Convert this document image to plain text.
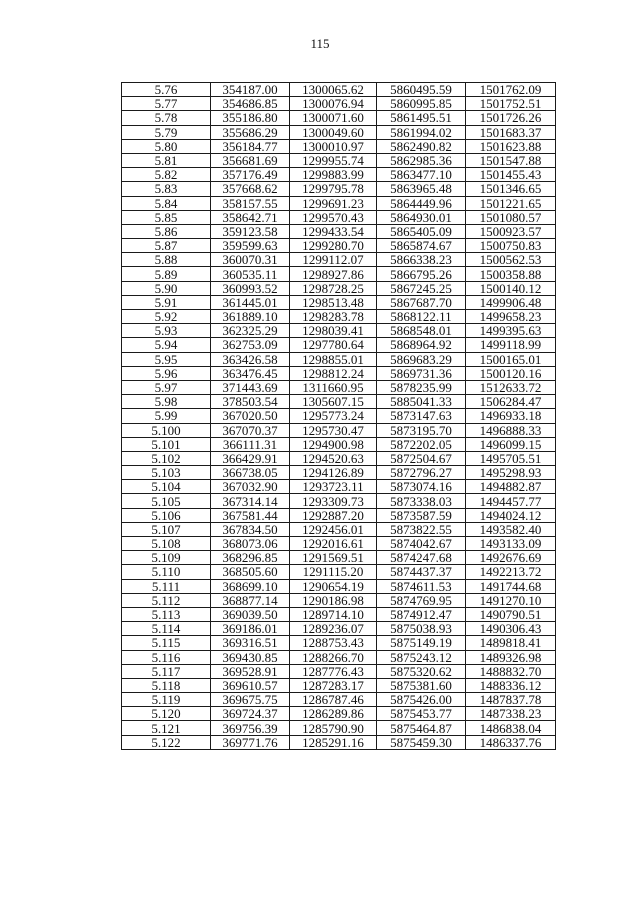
115
5.76	354187.00	1300065.62	5860495.59	1501762.09
5.77	354686.85	1300076.94	5860995.85	1501752.51
5.78	355186.80	1300071.60	5861495.51	1501726.26
5.79	355686.29	1300049.60	5861994.02	1501683.37
5.80	356184.77	1300010.97	5862490.82	1501623.88
5.81	356681.69	1299955.74	5862985.36	1501547.88
5.82	357176.49	1299883.99	5863477.10	1501455.43
5.83	357668.62	1299795.78	5863965.48	1501346.65
5.84	358157.55	1299691.23	5864449.96	1501221.65
5.85	358642.71	1299570.43	5864930.01	1501080.57
5.86	359123.58	1299433.54	5865405.09	1500923.57
5.87	359599.63	1299280.70	5865874.67	1500750.83
5.88	360070.31	1299112.07	5866338.23	1500562.53
5.89	360535.11	1298927.86	5866795.26	1500358.88
5.90	360993.52	1298728.25	5867245.25	1500140.12
5.91	361445.01	1298513.48	5867687.70	1499906.48
5.92	361889.10	1298283.78	5868122.11	1499658.23
5.93	362325.29	1298039.41	5868548.01	1499395.63
5.94	362753.09	1297780.64	5868964.92	1499118.99
5.95	363426.58	1298855.01	5869683.29	1500165.01
5.96	363476.45	1298812.24	5869731.36	1500120.16
5.97	371443.69	1311660.95	5878235.99	1512633.72
5.98	378503.54	1305607.15	5885041.33	1506284.47
5.99	367020.50	1295773.24	5873147.63	1496933.18
5.100	367070.37	1295730.47	5873195.70	1496888.33
5.101	366111.31	1294900.98	5872202.05	1496099.15
5.102	366429.91	1294520.63	5872504.67	1495705.51
5.103	366738.05	1294126.89	5872796.27	1495298.93
5.104	367032.90	1293723.11	5873074.16	1494882.87
5.105	367314.14	1293309.73	5873338.03	1494457.77
5.106	367581.44	1292887.20	5873587.59	1494024.12
5.107	367834.50	1292456.01	5873822.55	1493582.40
5.108	368073.06	1292016.61	5874042.67	1493133.09
5.109	368296.85	1291569.51	5874247.68	1492676.69
5.110	368505.60	1291115.20	5874437.37	1492213.72
5.111	368699.10	1290654.19	5874611.53	1491744.68
5.112	368877.14	1290186.98	5874769.95	1491270.10
5.113	369039.50	1289714.10	5874912.47	1490790.51
5.114	369186.01	1289236.07	5875038.93	1490306.43
5.115	369316.51	1288753.43	5875149.19	1489818.41
5.116	369430.85	1288266.70	5875243.12	1489326.98
5.117	369528.91	1287776.43	5875320.62	1488832.70
5.118	369610.57	1287283.17	5875381.60	1488336.12
5.119	369675.75	1286787.46	5875426.00	1487837.78
5.120	369724.37	1286289.86	5875453.77	1487338.23
5.121	369756.39	1285790.90	5875464.87	1486838.04
5.122	369771.76	1285291.16	5875459.30	1486337.76
